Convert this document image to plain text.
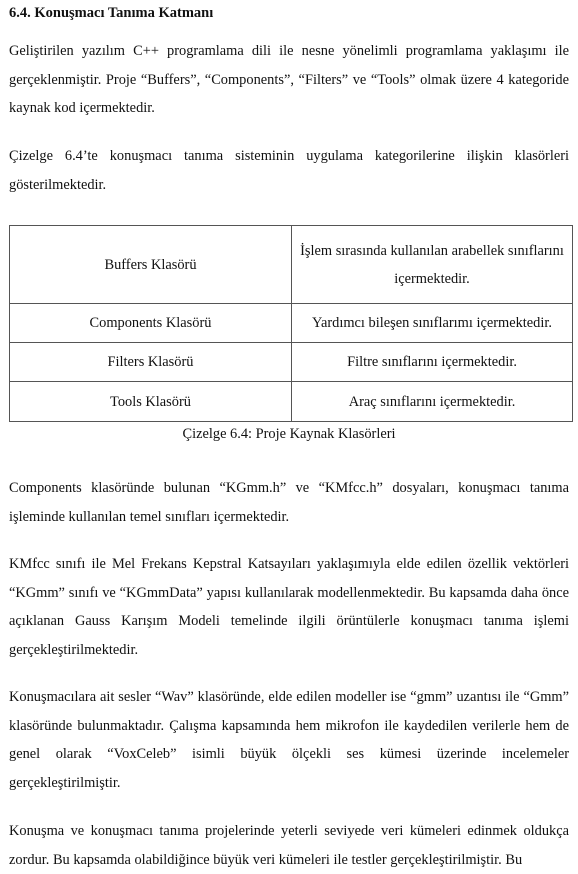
6.4. Konuşmacı Tanıma Katmanı

Geliştirilen yazılım C++ programlama dili ile nesne yönelimli programlama yaklaşımı ile gerçeklenmiştir. Proje “Buffers”, “Components”, “Filters” ve “Tools” olmak üzere 4 kategoride kaynak kod içermektedir.

Çizelge 6.4’te konuşmacı tanıma sisteminin uygulama kategorilerine ilişkin klasörleri gösterilmektedir.

Buffers Klasörü	İşlem sırasında kullanılan arabellek sınıflarını içermektedir.
Components Klasörü	Yardımcı bileşen sınıflarımı içermektedir.
Filters Klasörü	Filtre sınıflarını içermektedir.
Tools Klasörü	Araç sınıflarını içermektedir.

Çizelge 6.4: Proje Kaynak Klasörleri

Components klasöründe bulunan “KGmm.h” ve “KMfcc.h” dosyaları, konuşmacı tanıma işleminde kullanılan temel sınıfları içermektedir.

KMfcc sınıfı ile Mel Frekans Kepstral Katsayıları yaklaşımıyla elde edilen özellik vektörleri “KGmm” sınıfı ve “KGmmData” yapısı kullanılarak modellenmektedir. Bu kapsamda daha önce açıklanan Gauss Karışım Modeli temelinde ilgili örüntülerle konuşmacı tanıma işlemi gerçekleştirilmektedir.

Konuşmacılara ait sesler “Wav” klasöründe, elde edilen modeller ise “gmm” uzantısı ile “Gmm” klasöründe bulunmaktadır. Çalışma kapsamında hem mikrofon ile kaydedilen verilerle hem de genel olarak “VoxCeleb” isimli büyük ölçekli ses kümesi üzerinde incelemeler gerçekleştirilmiştir.

Konuşma ve konuşmacı tanıma projelerinde yeterli seviyede veri kümeleri edinmek oldukça zordur. Bu kapsamda olabildiğince büyük veri kümeleri ile testler gerçekleştirilmiştir. Bu
